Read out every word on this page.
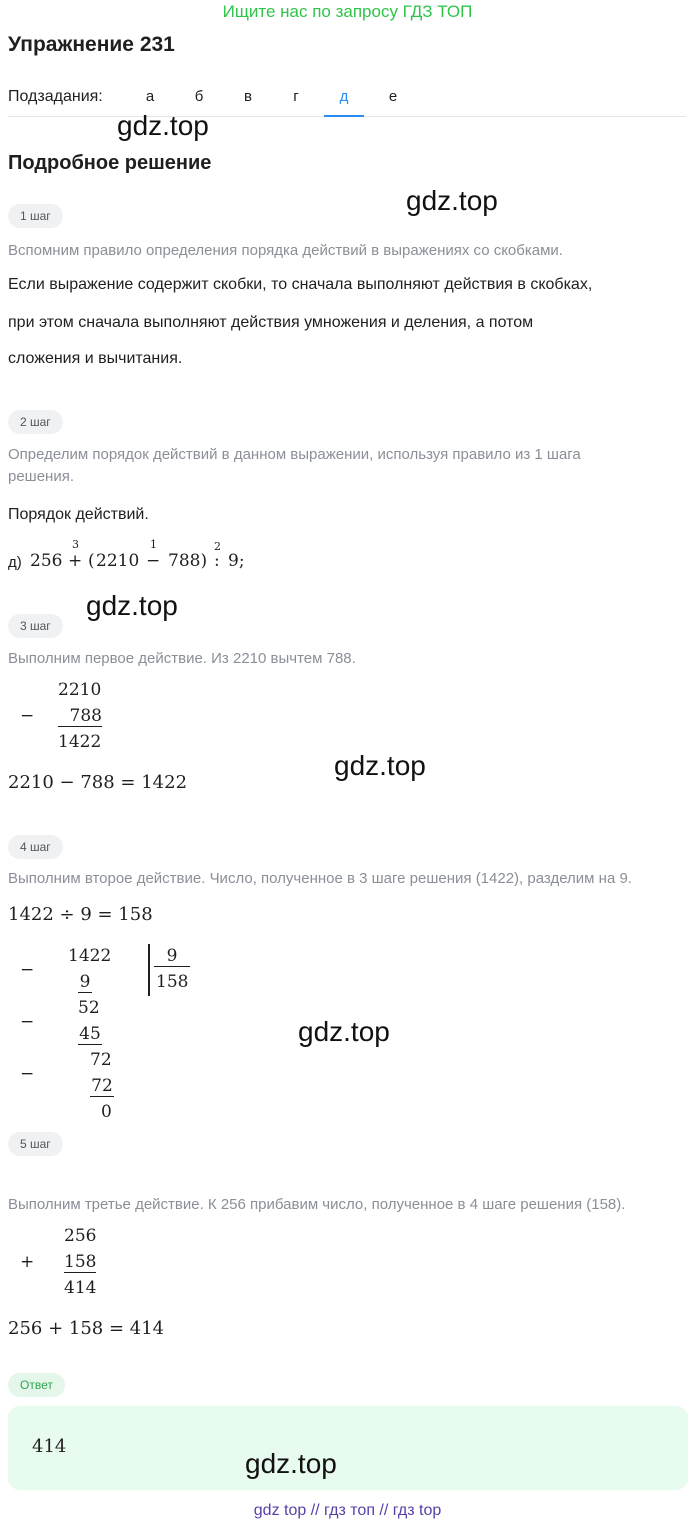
Ищите нас по запросу ГДЗ ТОП
Упражнение 231
Подзадания:	а	б	в	г	д	е
gdz.top
Подробное решение
gdz.top
1 шаг
Вспомним правило определения порядка действий в выражениях со скобками.
Если выражение содержит скобки, то сначала выполняют действия в скобках,
при этом сначала выполняют действия умножения и деления, а потом
сложения и вычитания.
2 шаг
Определим порядок действий в данном выражении, используя правило из 1 шага
решения.
Порядок действий.
д) 256 +
3
( 2210 −
1
788) :
2
9;
gdz.top
3 шаг
Выполним первое действие. Из 2210 вычтем 788.
−
2210
788
1422
2210 − 788 = 1422
gdz.top
4 шаг
Выполним второе действие. Число, полученное в 3 шаге решения (1422), разделим на 9.
1422 ÷ 9 = 158
−
−
−
1422
9
52
45
72
72
0
9
158
gdz.top
5 шаг
Выполним третье действие. К 256 прибавим число, полученное в 4 шаге решения (158).
+
256
158
414
256 + 158 = 414
Ответ
414
gdz.top
gdz top // гдз топ // гдз top
